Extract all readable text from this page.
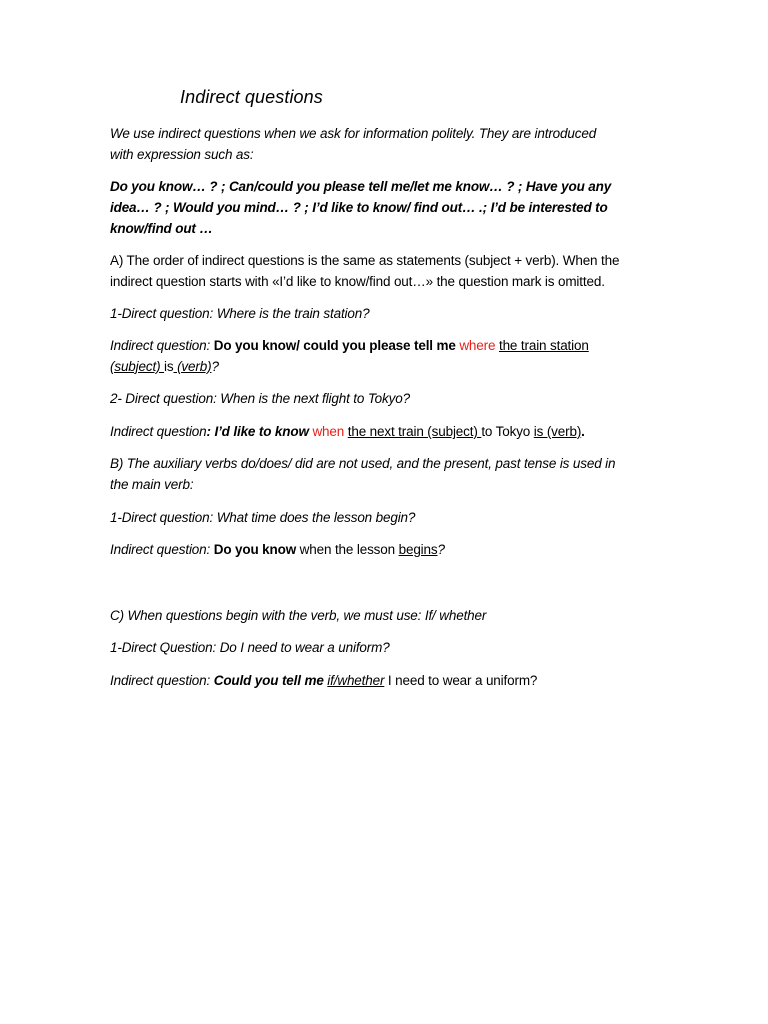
Indirect questions

We use indirect questions when we ask for information politely. They are introduced
with expression such as:

Do you know… ? ; Can/could you please tell me/let me know… ? ; Have you any
idea… ? ; Would you mind… ? ; I’d like to know/ find out… .; I’d be interested to
know/find out …

A) The order of indirect questions is the same as statements (subject + verb). When the
indirect question starts with «I’d like to know/find out…» the question mark is omitted.

1-Direct question: Where is the train station?

Indirect question: Do you know/ could you please tell me where the train station
(subject) is (verb)?

2- Direct question: When is the next flight to Tokyo?

Indirect question: I’d like to know when the next train (subject) to Tokyo is (verb).

B) The auxiliary verbs do/does/ did are not used, and the present, past tense is used in
the main verb:

1-Direct question: What time does the lesson begin?

Indirect question: Do you know when the lesson begins?

C) When questions begin with the verb, we must use: If/ whether

1-Direct Question: Do I need to wear a uniform?

Indirect question: Could you tell me if/whether I need to wear a uniform?
